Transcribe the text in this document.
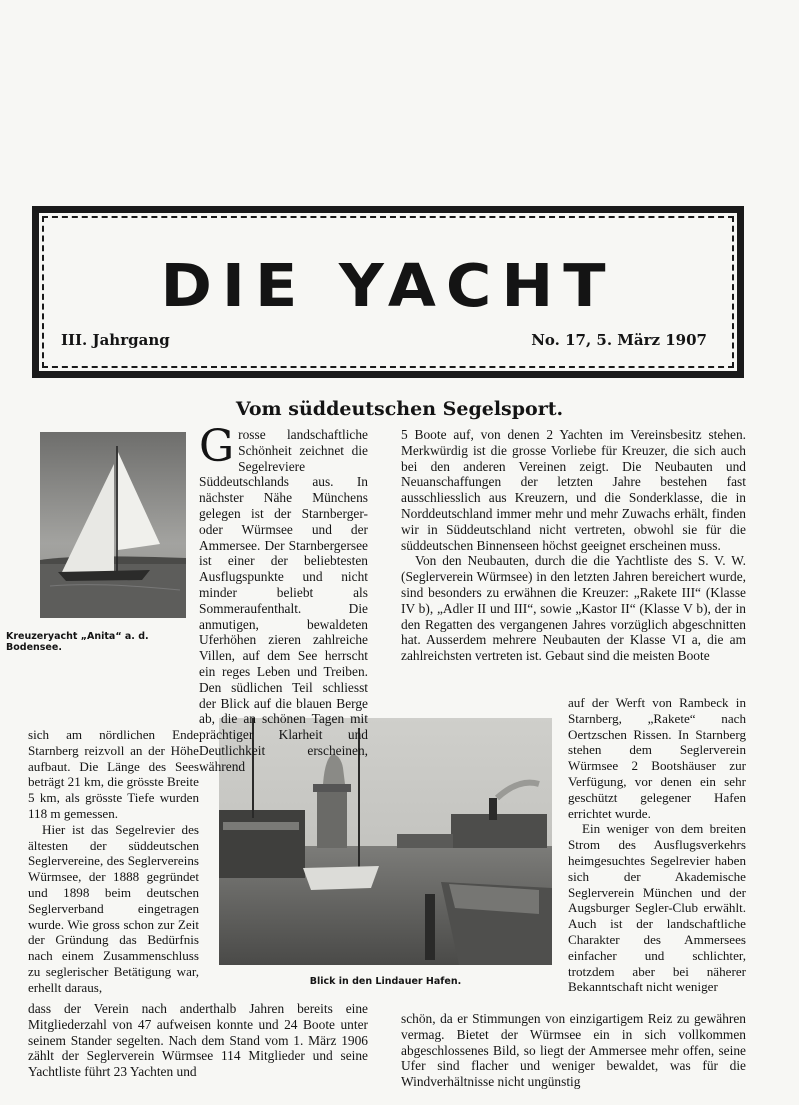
DIE YACHT
III. Jahrgang	No. 17, 5. März 1907
Vom süddeutschen Segelsport.
Kreuzeryacht „Anita“ a. d. Bodensee.
Blick in den Lindauer Hafen.
Grosse landschaftliche Schönheit zeichnet die Segelreviere Süddeutschlands aus. In nächster Nähe Münchens gelegen ist der Starnberger- oder Würmsee und der Ammersee. Der Starnbergersee ist einer der beliebtesten Ausflugspunkte und nicht minder beliebt als Sommeraufenthalt. Die anmutigen, bewaldeten Uferhöhen zieren zahlreiche Villen, auf dem See herrscht ein reges Leben und Treiben. Den südlichen Teil schliesst der Blick auf die blauen Berge ab, die an schönen Tagen mit prächtiger Klarheit und Deutlichkeit erscheinen, während

sich am nördlichen Ende Starnberg reizvoll an der Höhe aufbaut. Die Länge des Sees beträgt 21 km, die grösste Breite 5 km, als grösste Tiefe wurden 118 m gemessen.

Hier ist das Segelrevier des ältesten der süddeutschen Seglervereine, des Seglervereins Würmsee, der 1888 gegründet und 1898 beim deutschen Seglerverband eingetragen wurde. Wie gross schon zur Zeit der Gründung das Bedürfnis nach einem Zusammenschluss zu seglerischer Betätigung war, erhellt daraus,

dass der Verein nach anderthalb Jahren bereits eine Mitgliederzahl von 47 aufweisen konnte und 24 Boote unter seinem Stander segelten. Nach dem Stand vom 1. März 1906 zählt der Seglerverein Würmsee 114 Mitglieder und seine Yachtliste führt 23 Yachten und

5 Boote auf, von denen 2 Yachten im Vereinsbesitz stehen. Merkwürdig ist die grosse Vorliebe für Kreuzer, die sich auch bei den anderen Vereinen zeigt. Die Neubauten und Neuanschaffungen der letzten Jahre bestehen fast ausschliesslich aus Kreuzern, und die Sonderklasse, die in Norddeutschland immer mehr und mehr Zuwachs erhält, finden wir in Süddeutschland nicht vertreten, obwohl sie für die süddeutschen Binnenseen höchst geeignet erscheinen muss.

Von den Neubauten, durch die die Yachtliste des S. V. W. (Seglerverein Würmsee) in den letzten Jahren bereichert wurde, sind besonders zu erwähnen die Kreuzer: „Rakete III“ (Klasse IV b), „Adler II und III“, sowie „Kastor II“ (Klasse V b), der in den Regatten des vergangenen Jahres vorzüglich abgeschnitten hat. Ausserdem mehrere Neubauten der Klasse VI a, die am zahlreichsten vertreten ist. Gebaut sind die meisten Boote

auf der Werft von Rambeck in Starnberg, „Rakete“ nach Oertzschen Rissen. In Starnberg stehen dem Seglerverein Würmsee 2 Bootshäuser zur Verfügung, vor denen ein sehr geschützt gelegener Hafen errichtet wurde.

Ein weniger von dem breiten Strom des Ausflugsverkehrs heimgesuchtes Segelrevier haben sich der Akademische Seglerverein München und der Augsburger Segler-Club erwählt. Auch ist der landschaftliche Charakter des Ammersees einfacher und schlichter, trotzdem aber bei näherer Bekanntschaft nicht weniger

schön, da er Stimmungen von einzigartigem Reiz zu gewähren vermag. Bietet der Würmsee ein in sich vollkommen abgeschlossenes Bild, so liegt der Ammersee mehr offen, seine Ufer sind flacher und weniger bewaldet, was für die Windverhältnisse nicht ungünstig
